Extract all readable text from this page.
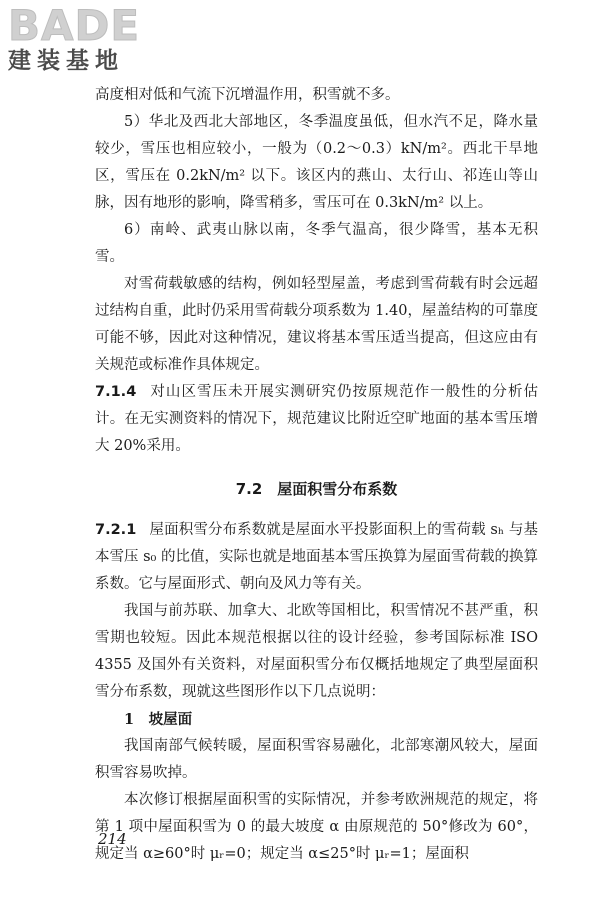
BADE
建装基地

高度相对低和气流下沉增温作用，积雪就不多。

5）华北及西北大部地区，冬季温度虽低，但水汽不足，降水量较少，雪压也相应较小，一般为（0.2～0.3）kN/m²。西北干旱地区，雪压在 0.2kN/m² 以下。该区内的燕山、太行山、祁连山等山脉，因有地形的影响，降雪稍多，雪压可在 0.3kN/m² 以上。

6）南岭、武夷山脉以南，冬季气温高，很少降雪，基本无积雪。

对雪荷载敏感的结构，例如轻型屋盖，考虑到雪荷载有时会远超过结构自重，此时仍采用雪荷载分项系数为 1.40，屋盖结构的可靠度可能不够，因此对这种情况，建议将基本雪压适当提高，但这应由有关规范或标准作具体规定。

7.1.4 对山区雪压未开展实测研究仍按原规范作一般性的分析估计。在无实测资料的情况下，规范建议比附近空旷地面的基本雪压增大 20%采用。

7.2 屋面积雪分布系数

7.2.1 屋面积雪分布系数就是屋面水平投影面积上的雪荷载 sₕ 与基本雪压 s₀ 的比值，实际也就是地面基本雪压换算为屋面雪荷载的换算系数。它与屋面形式、朝向及风力等有关。

我国与前苏联、加拿大、北欧等国相比，积雪情况不甚严重，积雪期也较短。因此本规范根据以往的设计经验，参考国际标准 ISO 4355 及国外有关资料，对屋面积雪分布仅概括地规定了典型屋面积雪分布系数，现就这些图形作以下几点说明：

1　坡屋面

我国南部气候转暖，屋面积雪容易融化，北部寒潮风较大，屋面积雪容易吹掉。

本次修订根据屋面积雪的实际情况，并参考欧洲规范的规定，将第 1 项中屋面积雪为 0 的最大坡度 α 由原规范的 50°修改为 60°，规定当 α≥60°时 μᵣ=0；规定当 α≤25°时 μᵣ=1；屋面积

214
